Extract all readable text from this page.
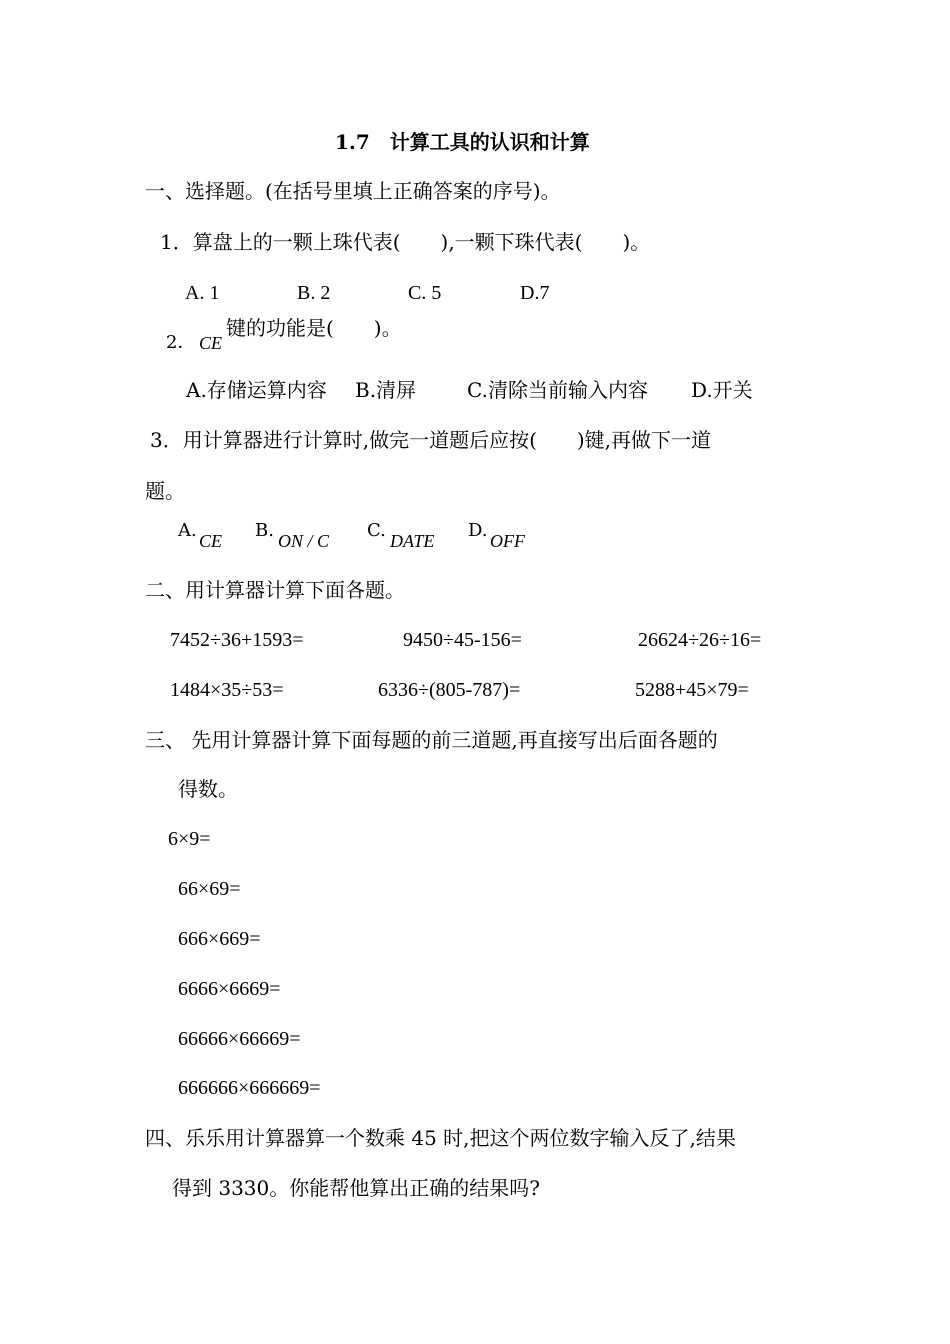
1.7　计算工具的认识和计算
一、选择题。(在括号里填上正确答案的序号)。
1．算盘上的一颗上珠代表(　　),一颗下珠代表(　　)。
A. 1	B. 2	C. 5	D.7
2． CE
键的功能是(　　)。
A.存储运算内容 B.清屏	C.清除当前输入内容 D.开关
3．用计算器进行计算时,做完一道题后应按(　　)键,再做下一道
题。
A. CE B. ON / C C. DATE D. OFF
二、用计算器计算下面各题。
7452÷36+1593=	9450÷45-156=	26624÷26÷16=
1484×35÷53=	6336÷(805-787)=	5288+45×79=
三、 先用计算器计算下面每题的前三道题,再直接写出后面各题的
得数。
6×9=
66×69=
666×669=
6666×6669=
66666×66669=
666666×666669=
四、乐乐用计算器算一个数乘 45 时,把这个两位数字输入反了,结果
得到 3330。你能帮他算出正确的结果吗?
